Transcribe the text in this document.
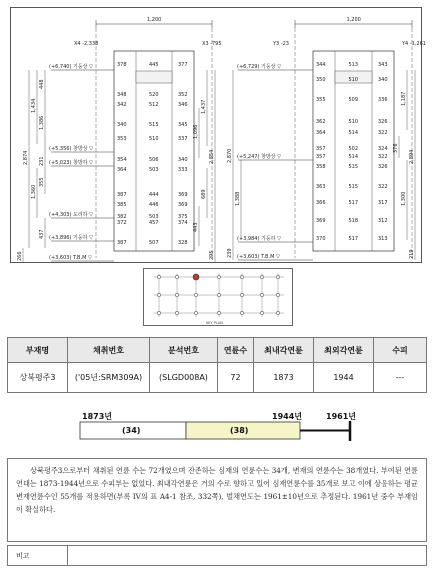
1,200
X4 -2,338	X3 -795
(+6,740) 기둥상 ▽
(+5,356) 창방상 ▽
(+5,023) 창방하 ▽
(+4,303) 도리하 ▽
(+3,896) 기둥하 ▽
(+3,603) T.B.M ▽
378	445	377
348	520	352
342	512	346
340	515	345
353	510	337
354	506	340
364	503	333
387	444	369
385	446	369
382	503	375
372	457	374
387	507	328
448
1,434
1,386
2,874 231
355
1,360
437
266
1,437
1,096
2,854
689
443
295
1,200
Y3 -23	Y4 -1,261
(+6,729) 기둥상 ▽
(+5,247) 창방상 ▽
(+3,984) 기둥하 ▽
(+3,603) T.B.M ▽
344	513	343
350	510	340
355	509	336
362	510	326
364	514	322
357	502	324
357	514	322
358	515	326
363	515	322
366	517	317
369	518	312
370	517	313
2,870
1,388
239
1,187
376
2,894
1,300
219
KEY PLAN
부재명	채취번호	분석번호	연륜수	최내각연륜	최외각연륜	수피
상북평주3	('05년:SRM309A)	(SLGD008A)	72	1873	1944	---
1873년	1944년	1961년
(34)	(38)
상북평주3으로부터 채취된 연륜 수는 72개였으며 잔존하는 심재의 연륜수는 34개, 변재의 연륜수는 38개였다. 부여된 연륜연대는 1873-1944년으로 수피부는 없었다. 최내각연륜은 거의 수로 향하고 있어 심재연륜수를 35개로 보고 이에 상응하는 평균변재연륜수인 55개를 적용하면(부록 IV의 표 A4-1 참조, 332쪽), 벌채연도는 1961±10년으로 추정된다. 1961년 중수 부재임이 확실하다.
비고
